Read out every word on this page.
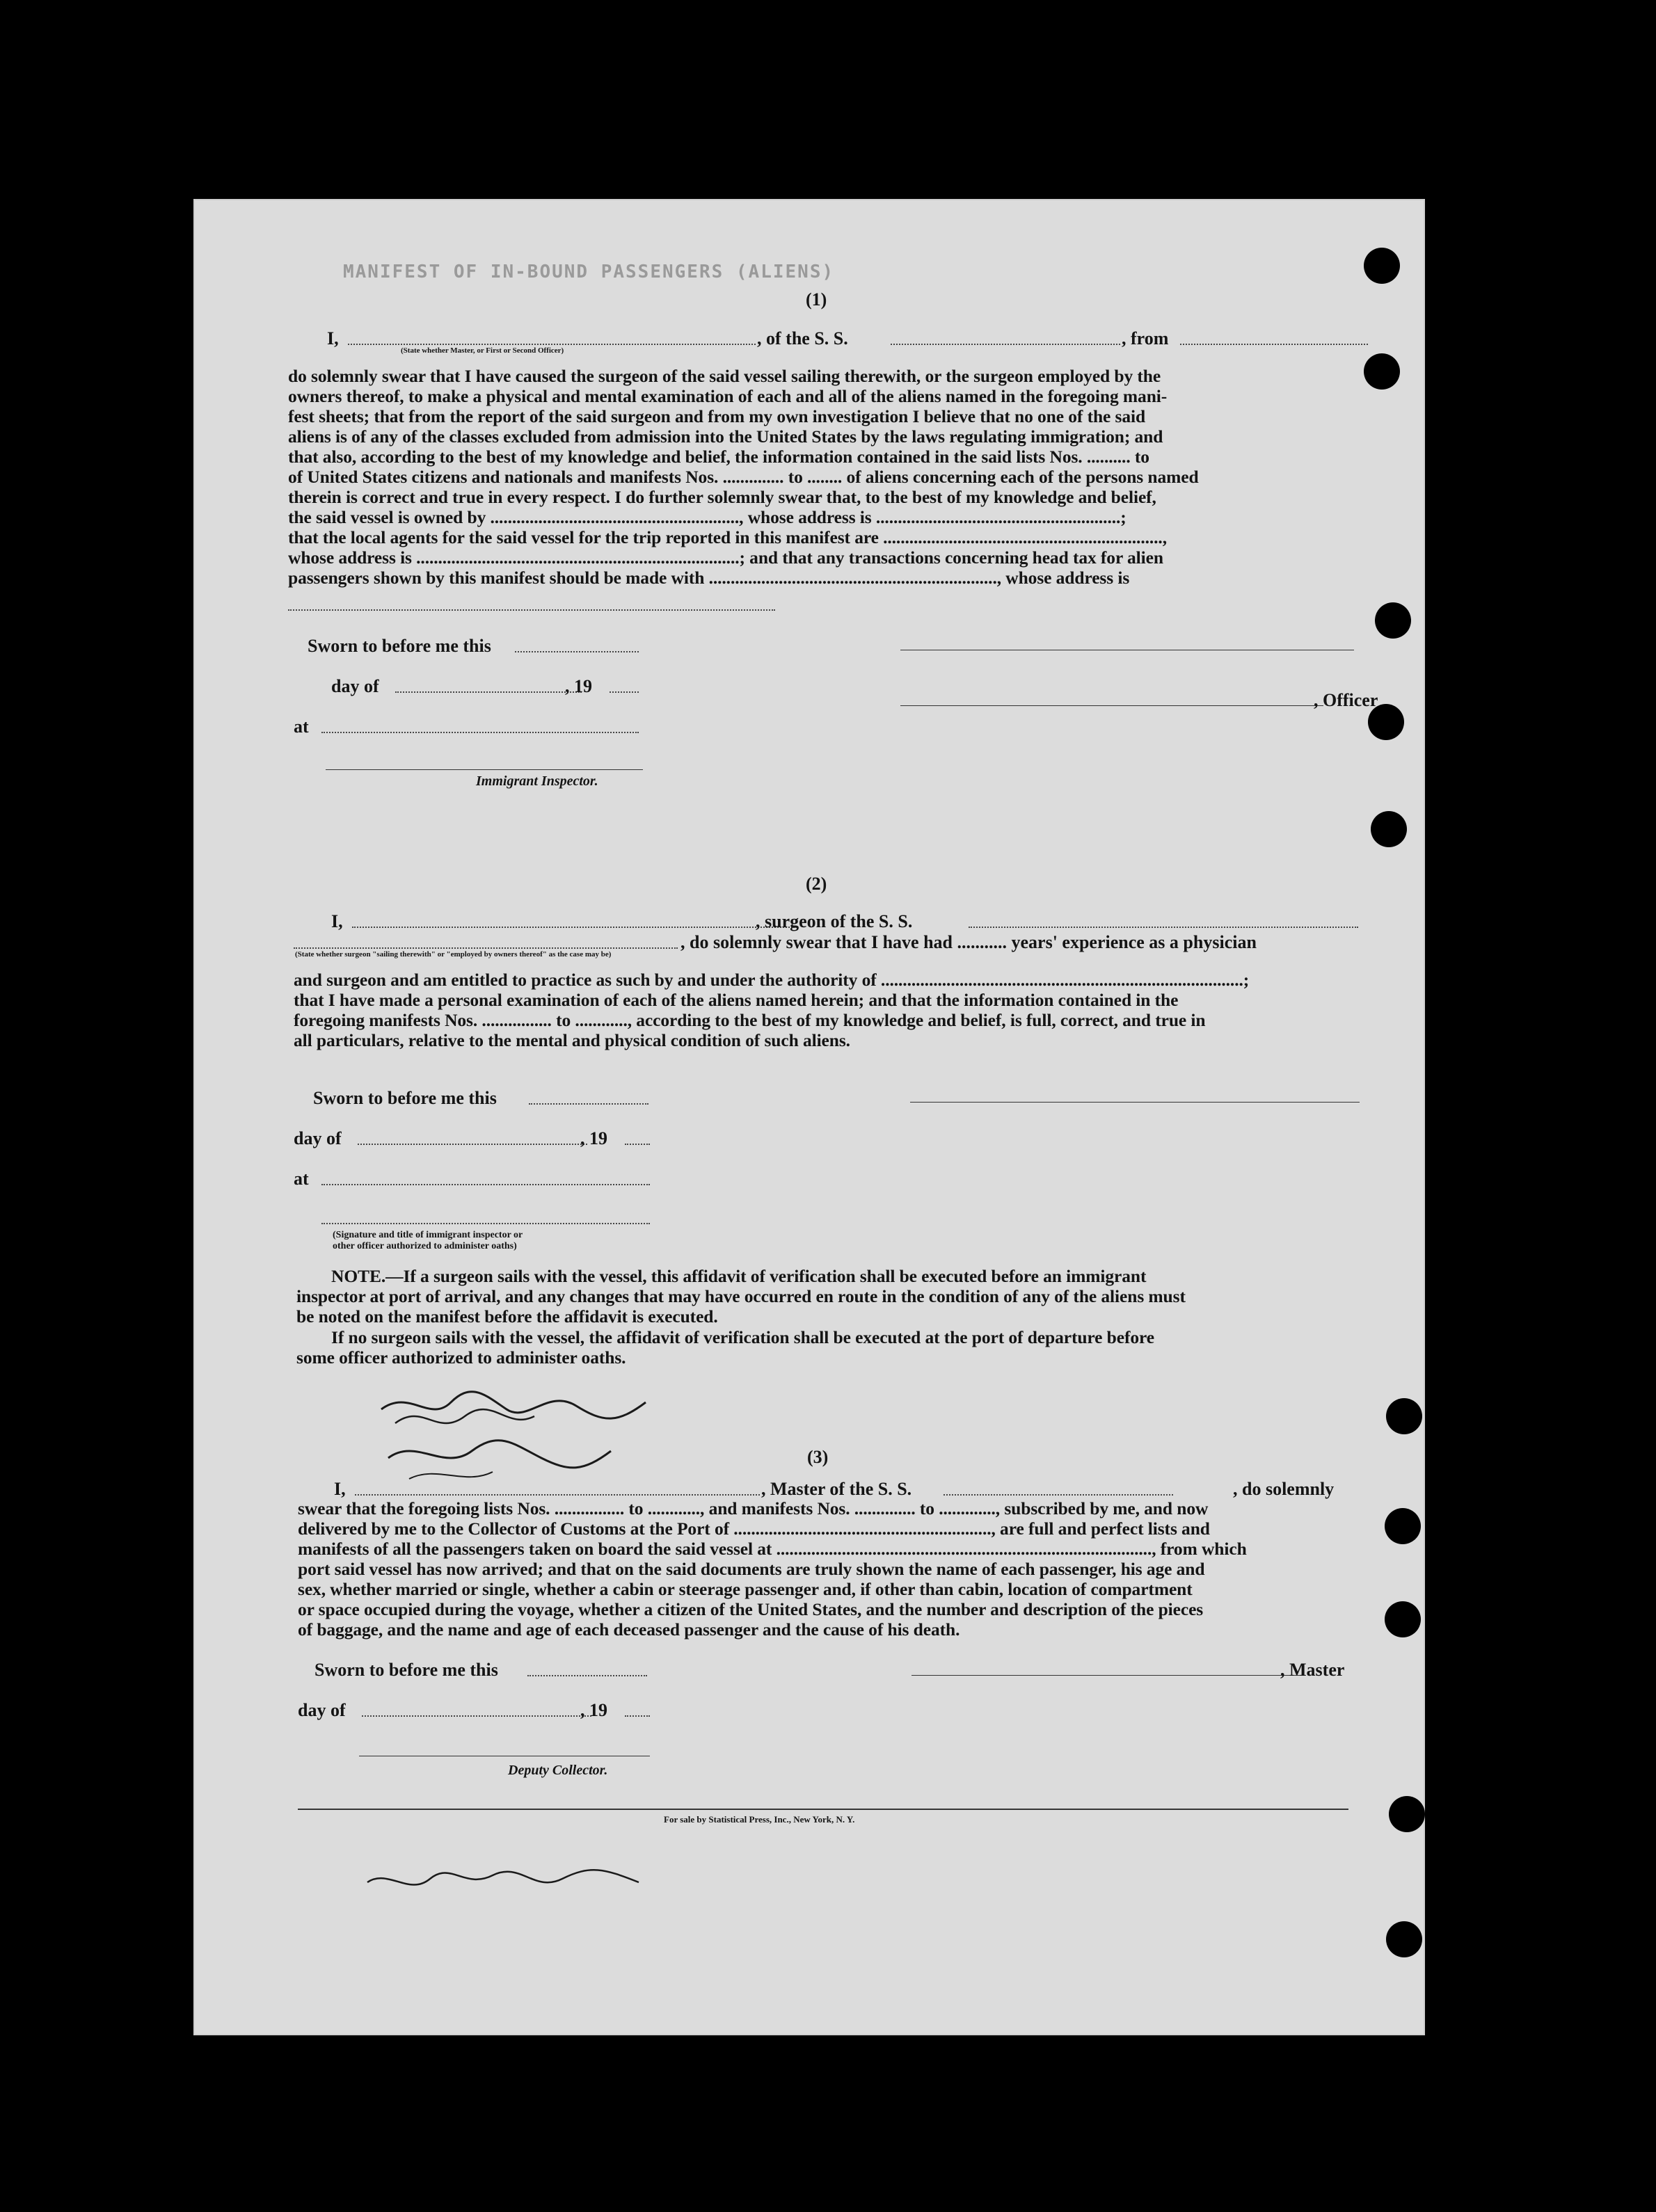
MANIFEST OF IN-BOUND PASSENGERS (ALIENS)
(1)
I,	, of the S. S.	, from
(State whether Master, or First or Second Officer)
do solemnly swear that I have caused the surgeon of the said vessel sailing therewith, or the surgeon employed by the
owners thereof, to make a physical and mental examination of each and all of the aliens named in the foregoing mani-
fest sheets; that from the report of the said surgeon and from my own investigation I believe that no one of the said
aliens is of any of the classes excluded from admission into the United States by the laws regulating immigration; and
that also, according to the best of my knowledge and belief, the information contained in the said lists Nos. .......... to
of United States citizens and nationals and manifests Nos. .............. to ........ of aliens concerning each of the persons named
therein is correct and true in every respect. I do further solemnly swear that, to the best of my knowledge and belief,
the said vessel is owned by ........................................................., whose address is ........................................................;
that the local agents for the said vessel for the trip reported in this manifest are ................................................................,
whose address is ..........................................................................; and that any transactions concerning head tax for alien
passengers shown by this manifest should be made with .................................................................., whose address is
Sworn to before me this
day of	, 19
at
Immigrant Inspector.
, Officer
(2)
I,	, surgeon of the S. S.
, do solemnly swear that I have had ........... years' experience as a physician
(State whether surgeon "sailing therewith" or "employed by owners thereof" as the case may be)
and surgeon and am entitled to practice as such by and under the authority of ...................................................................................;
that I have made a personal examination of each of the aliens named herein; and that the information contained in the
foregoing manifests Nos. ................ to ............, according to the best of my knowledge and belief, is full, correct, and true in
all particulars, relative to the mental and physical condition of such aliens.
Sworn to before me this
day of	, 19
at
(Signature and title of immigrant inspector or
other officer authorized to administer oaths)
NOTE.—If a surgeon sails with the vessel, this affidavit of verification shall be executed before an immigrant
inspector at port of arrival, and any changes that may have occurred en route in the condition of any of the aliens must
be noted on the manifest before the affidavit is executed.
If no surgeon sails with the vessel, the affidavit of verification shall be executed at the port of departure before
some officer authorized to administer oaths.
(3)
I,	, Master of the S. S.	, do solemnly
swear that the foregoing lists Nos. ................ to ............, and manifests Nos. .............. to ............., subscribed by me, and now
delivered by me to the Collector of Customs at the Port of ..........................................................., are full and perfect lists and
manifests of all the passengers taken on board the said vessel at ......................................................................................, from which
port said vessel has now arrived; and that on the said documents are truly shown the name of each passenger, his age and
sex, whether married or single, whether a cabin or steerage passenger and, if other than cabin, location of compartment
or space occupied during the voyage, whether a citizen of the United States, and the number and description of the pieces
of baggage, and the name and age of each deceased passenger and the cause of his death.
Sworn to before me this
day of	, 19
Deputy Collector.
, Master
For sale by Statistical Press, Inc., New York, N. Y.
